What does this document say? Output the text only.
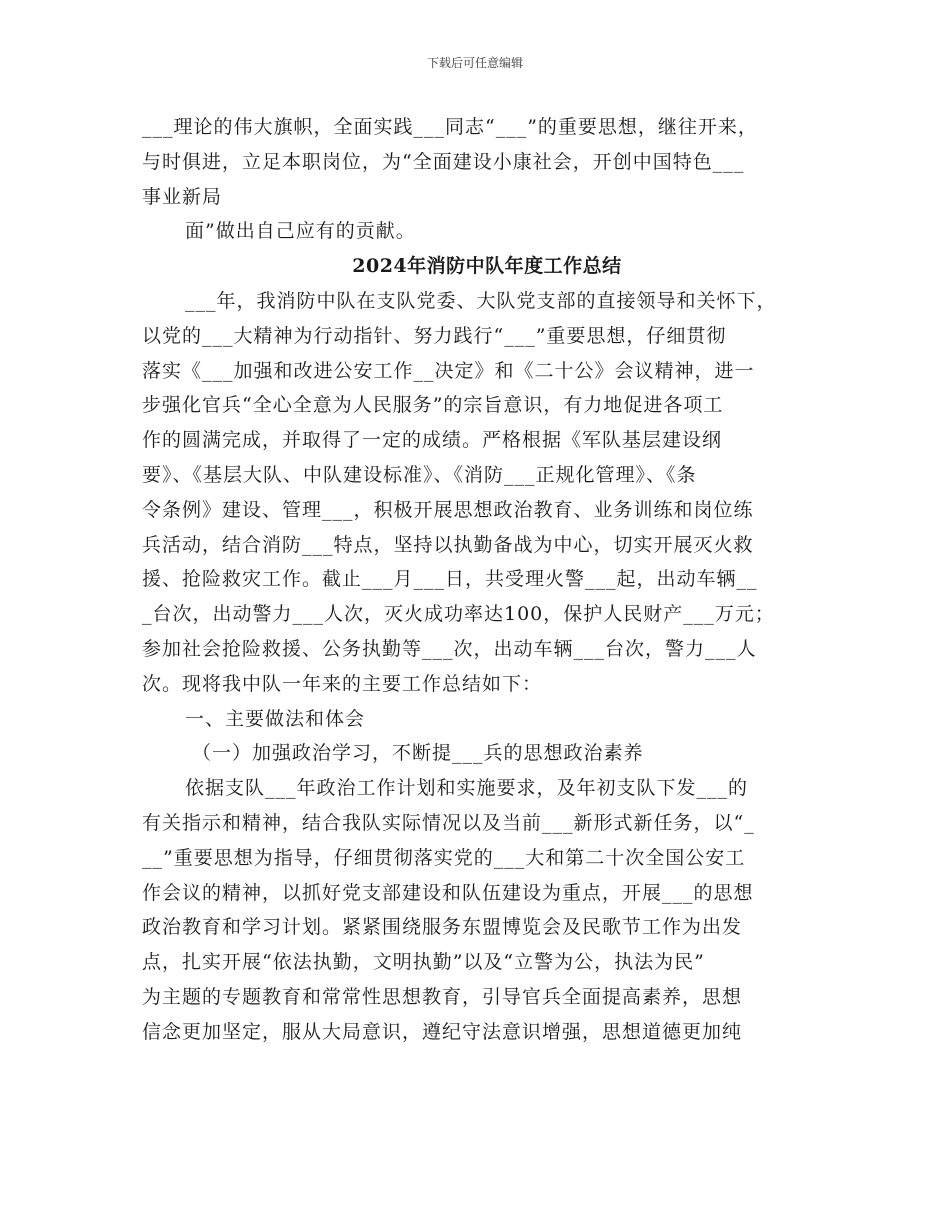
下载后可任意编辑
___理论的伟大旗帜，全面实践___同志“___”的重要思想，继往开来，
与时俱进，立足本职岗位，为“全面建设小康社会，开创中国特色___
事业新局
面”做出自己应有的贡献。
2024年消防中队年度工作总结
___年，我消防中队在支队党委、大队党支部的直接领导和关怀下，
以党的___大精神为行动指针、努力践行“___”重要思想，仔细贯彻
落实《___加强和改进公安工作__决定》和《二十公》会议精神，进一
步强化官兵“全心全意为人民服务”的宗旨意识，有力地促进各项工
作的圆满完成，并取得了一定的成绩。严格根据《军队基层建设纲
要》、《基层大队、中队建设标准》、《消防___正规化管理》、《条
令条例》建设、管理___，积极开展思想政治教育、业务训练和岗位练
兵活动，结合消防___特点，坚持以执勤备战为中心，切实开展灭火救
援、抢险救灾工作。截止___月___日，共受理火警___起，出动车辆__
_台次，出动警力___人次，灭火成功率达100，保护人民财产___万元；
参加社会抢险救援、公务执勤等___次，出动车辆___台次，警力___人
次。现将我中队一年来的主要工作总结如下：
一、主要做法和体会
（一）加强政治学习，不断提___兵的思想政治素养
依据支队___年政治工作计划和实施要求，及年初支队下发___的
有关指示和精神，结合我队实际情况以及当前___新形式新任务，以“_
__”重要思想为指导，仔细贯彻落实党的___大和第二十次全国公安工
作会议的精神，以抓好党支部建设和队伍建设为重点，开展___的思想
政治教育和学习计划。紧紧围绕服务东盟博览会及民歌节工作为出发
点，扎实开展“依法执勤，文明执勤”以及“立警为公，执法为民”
为主题的专题教育和常常性思想教育，引导官兵全面提高素养，思想
信念更加坚定，服从大局意识，遵纪守法意识增强，思想道德更加纯
